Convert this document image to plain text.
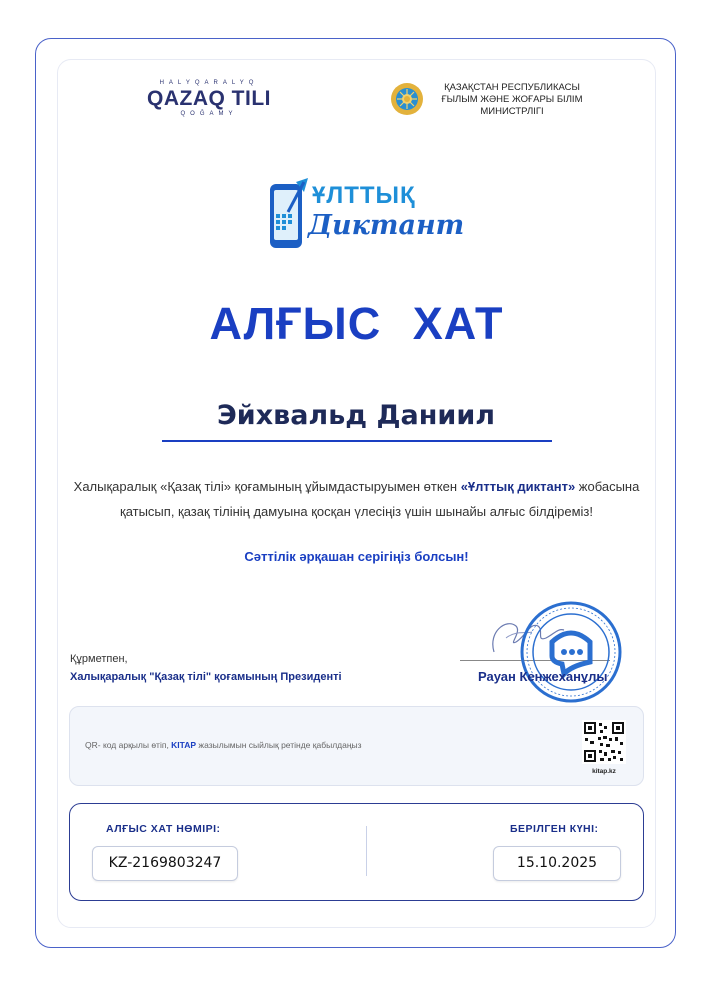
HALYQARALYQ
QAZAQ TILI
QOĞAMY
ҚАЗАҚСТАН РЕСПУБЛИКАСЫ
ҒЫЛЫМ ЖӘНЕ ЖОҒАРЫ БІЛІМ
МИНИСТРЛІГІ
ҰЛТТЫҚ
Диктант
АЛҒЫС ХАТ
Эйхвальд Даниил
Халықаралық «Қазақ тілі» қоғамының ұйымдастыруымен өткен «Ұлттық диктант» жобасына қатысып, қазақ тілінің дамуына қосқан үлесіңіз үшін шынайы алғыс білдіреміз!
Сәттілік әрқашан серігіңіз болсын!
Құрметпен,
Халықаралық "Қазақ тілі" қоғамының Президенті	Рауан Кенжеханұлы
QR- код арқылы өтіп, KITAP жазылымын сыйлық ретінде қабылдаңыз
kitap.kz
АЛҒЫС ХАТ НӨМІРІ:
KZ-2169803247
БЕРІЛГЕН КҮНІ:
15.10.2025
